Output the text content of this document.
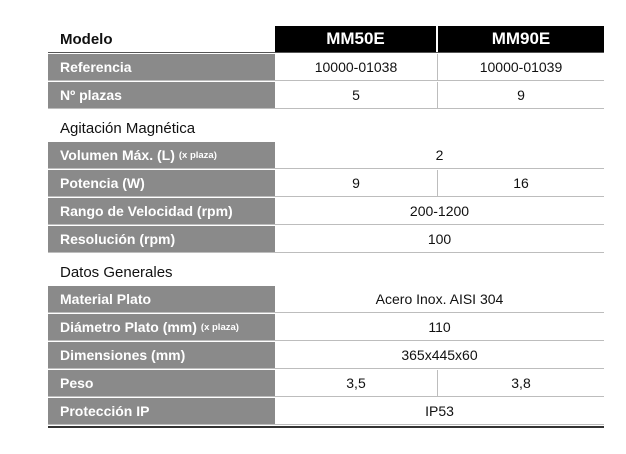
Modelo	MM50E	MM90E
Referencia	10000-01038	10000-01039
Nº plazas	5	9
Agitación Magnética
Volumen Máx. (L) (x plaza)	2
Potencia (W)	9	16
Rango de Velocidad (rpm)	200-1200
Resolución (rpm)	100
Datos Generales
Material Plato	Acero Inox. AISI 304
Diámetro Plato (mm) (x plaza)	110
Dimensiones (mm)	365x445x60
Peso	3,5	3,8
Protección IP	IP53
